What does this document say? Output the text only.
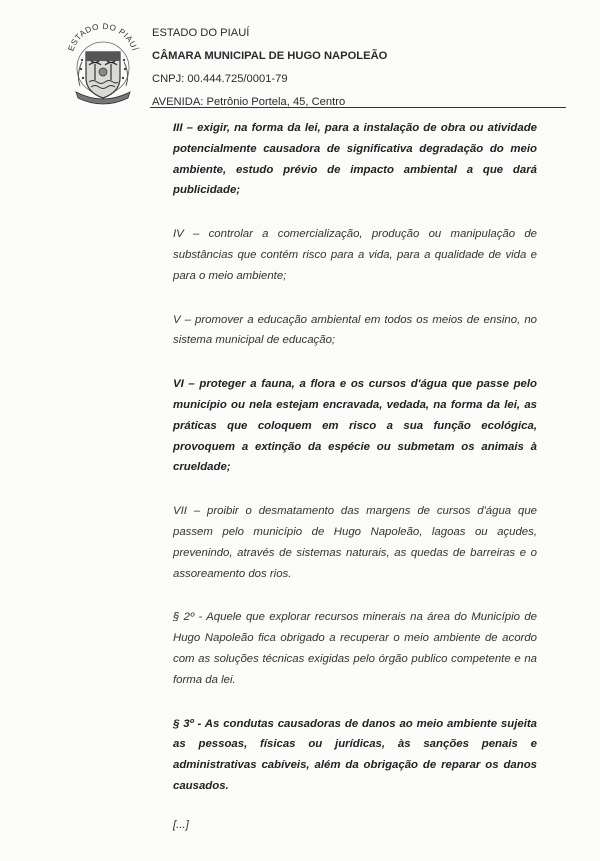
ESTADO DO PIAUÍ
ESTADO DO PIAUÍ
CÂMARA MUNICIPAL DE HUGO NAPOLEÃO
CNPJ: 00.444.725/0001-79
AVENIDA: Petrônio Portela, 45, Centro

III – exigir, na forma da lei, para a instalação de obra ou atividade potencialmente causadora de significativa degradação do meio ambiente, estudo prévio de impacto ambiental a que dará publicidade;

IV – controlar a comercialização, produção ou manipulação de substâncias que contém risco para a vida, para a qualidade de vida e para o meio ambiente;

V – promover a educação ambiental em todos os meios de ensino, no sistema municipal de educação;

VI – proteger a fauna, a flora e os cursos d'água que passe pelo município ou nela estejam encravada, vedada, na forma da lei, as práticas que coloquem em risco a sua função ecológica, provoquem a extinção da espécie ou submetam os animais à crueldade;

VII – proibir o desmatamento das margens de cursos d'água que passem pelo município de Hugo Napoleão, lagoas ou açudes, prevenindo, através de sistemas naturais, as quedas de barreiras e o assoreamento dos rios.

§ 2º - Aquele que explorar recursos minerais na área do Município de Hugo Napoleão fica obrigado a recuperar o meio ambiente de acordo com as soluções técnicas exigidas pelo órgão publico competente e na forma da lei.

§ 3º - As condutas causadoras de danos ao meio ambiente sujeita as pessoas, físicas ou jurídicas, às sanções penais e administrativas cabíveis, além da obrigação de reparar os danos causados.

[...]
